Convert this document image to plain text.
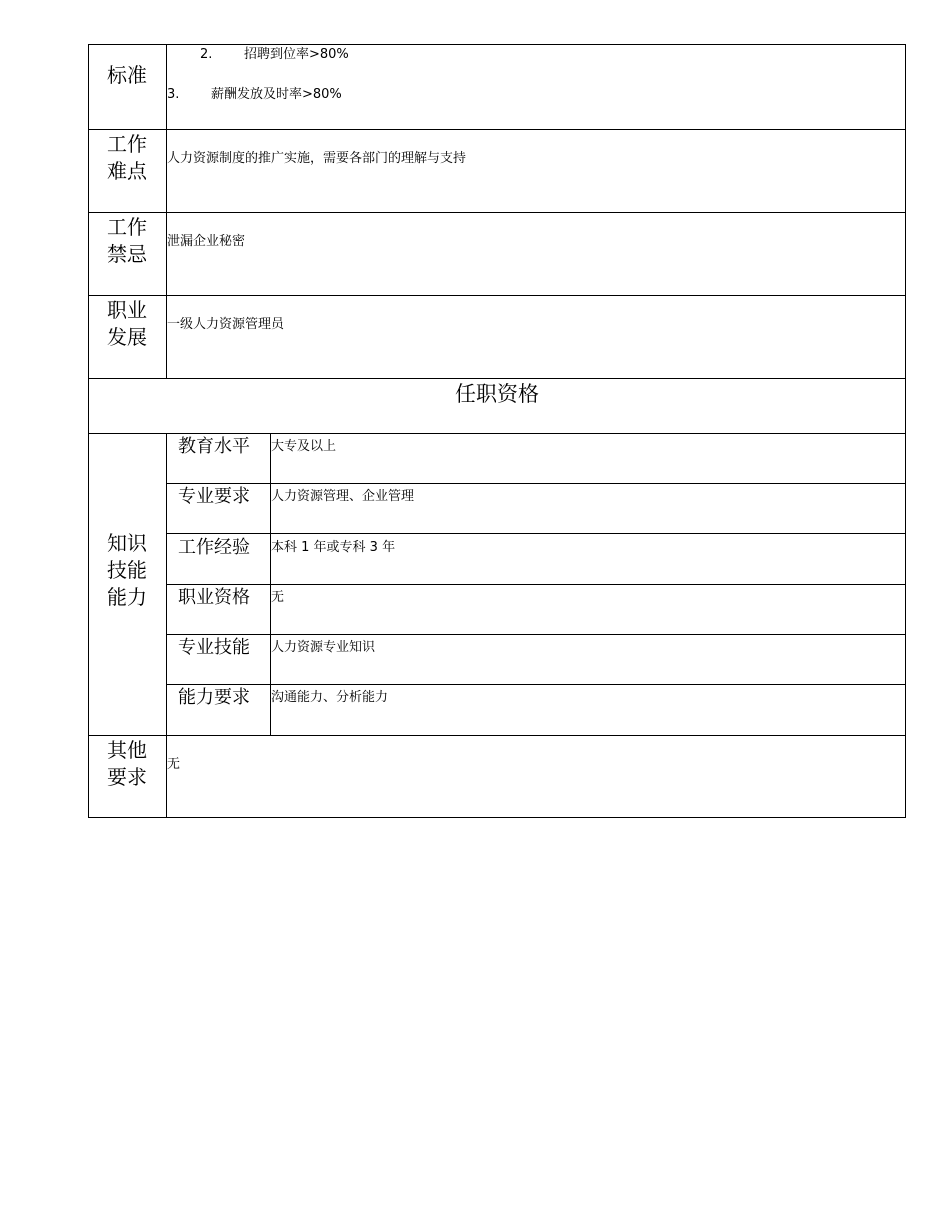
标准
2. 招聘到位率>80%
3. 薪酬发放及时率>80%
工作
难点
人力资源制度的推广实施，需要各部门的理解与支持
工作
禁忌
泄漏企业秘密
职业
发展
一级人力资源管理员
任职资格
知识
技能
能力
教育水平 大专及以上
专业要求 人力资源管理、企业管理
工作经验 本科 1 年或专科 3 年
职业资格 无
专业技能 人力资源专业知识
能力要求 沟通能力、分析能力
其他
要求
无
